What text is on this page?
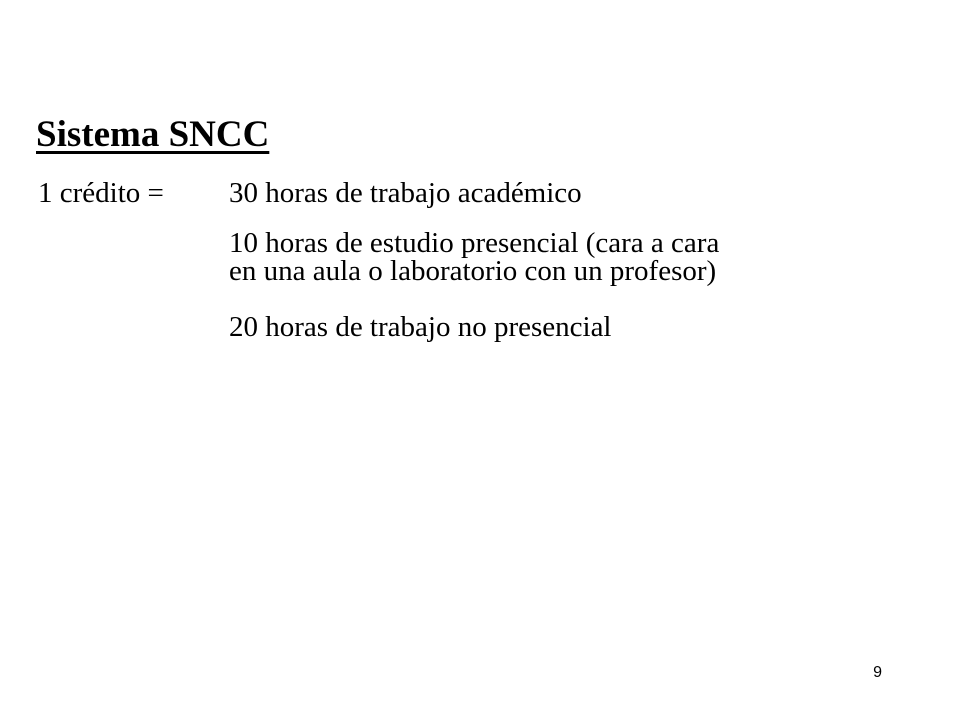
Sistema SNCC
1 crédito = 30 horas de trabajo académico
10 horas de estudio presencial (cara a cara
en una aula o laboratorio con un profesor)
20 horas de trabajo no presencial
9
